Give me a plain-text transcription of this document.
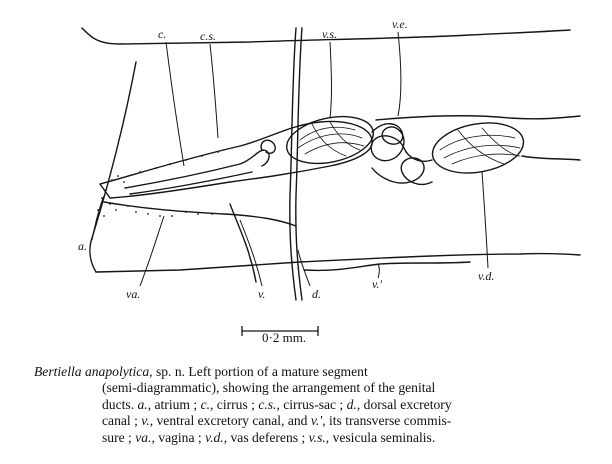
c.	c.s.	v.s.
v.e.
a.
va.	v.	d.
v.'
v.d.
0·2 mm.
Bertiella anapolytica, sp. n. Left portion of a mature segment
(semi-diagrammatic), showing the arrangement of the genital
ducts. a., atrium ; c., cirrus ; c.s., cirrus-sac ; d., dorsal excretory
canal ; v., ventral excretory canal, and v.', its transverse commis-
sure ; va., vagina ; v.d., vas deferens ; v.s., vesicula seminalis.
